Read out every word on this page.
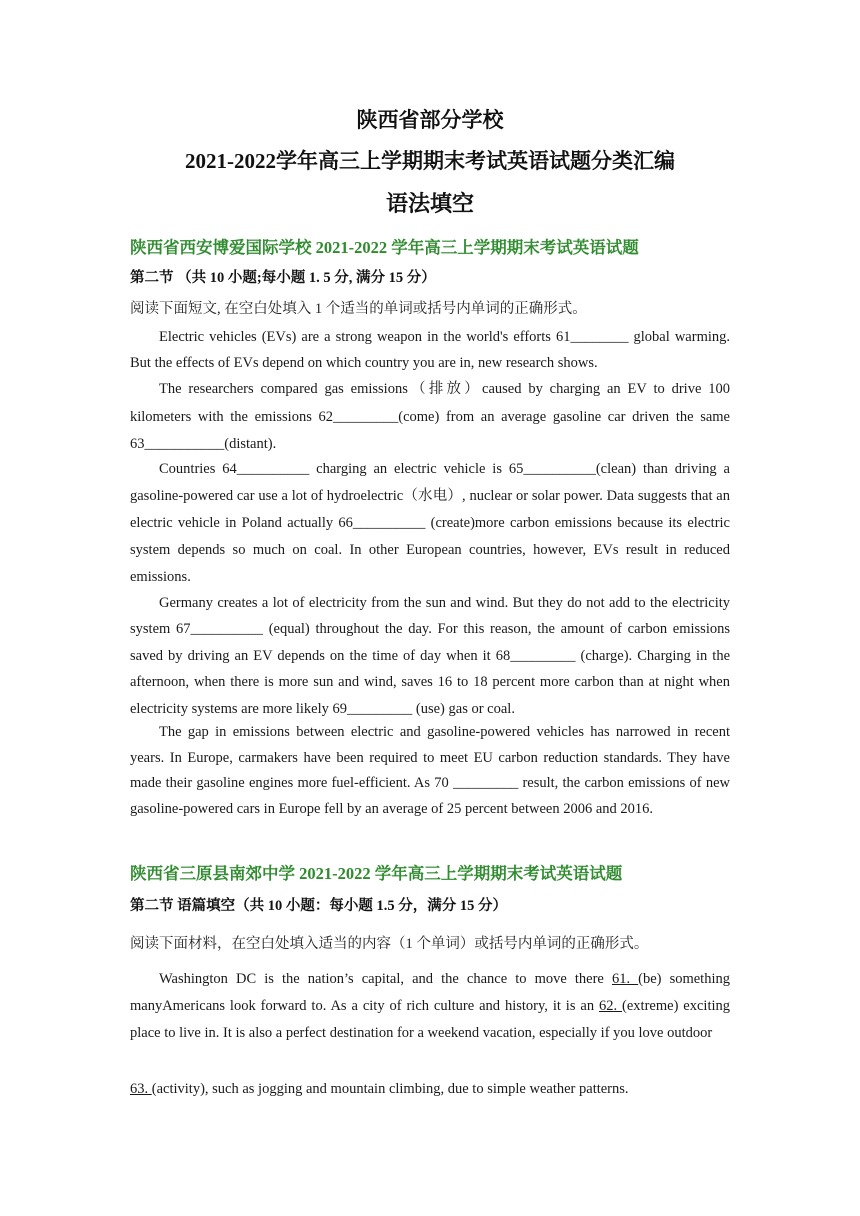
陕西省部分学校
2021-2022学年高三上学期期末考试英语试题分类汇编
语法填空
陕西省西安博爱国际学校 2021-2022 学年高三上学期期末考试英语试题
第二节 （共 10 小题;每小题 1. 5 分, 满分 15 分）
阅读下面短文, 在空白处填入 1 个适当的单词或括号内单词的正确形式。

Electric vehicles (EVs) are a strong weapon in the world's efforts 61________ global warming. But the effects of EVs depend on which country you are in, new research shows.

The researchers compared gas emissions（排放）caused by charging an EV to drive 100 kilometers with the emissions 62_________(come) from an average gasoline car driven the same 63___________(distant).

Countries 64__________ charging an electric vehicle is 65__________(clean) than driving a gasoline-powered car use a lot of hydroelectric（水电）, nuclear or solar power. Data suggests that an electric vehicle in Poland actually 66__________ (create)more carbon emissions because its electric system depends so much on coal. In other European countries, however, EVs result in reduced emissions.

Germany creates a lot of electricity from the sun and wind. But they do not add to the electricity system 67__________ (equal) throughout the day. For this reason, the amount of carbon emissions saved by driving an EV depends on the time of day when it 68_________ (charge). Charging in the afternoon, when there is more sun and wind, saves 16 to 18 percent more carbon than at night when electricity systems are more likely 69_________ (use) gas or coal.

The gap in emissions between electric and gasoline-powered vehicles has narrowed in recent years. In Europe, carmakers have been required to meet EU carbon reduction standards. They have made their gasoline engines more fuel-efficient. As 70 _________ result, the carbon emissions of new gasoline-powered cars in Europe fell by an average of 25 percent between 2006 and 2016.

陕西省三原县南郊中学 2021-2022 学年高三上学期期末考试英语试题
第二节 语篇填空（共 10 小题：每小题 1.5 分，满分 15 分）
阅读下面材料，在空白处填入适当的内容（1 个单词）或括号内单词的正确形式。

Washington DC is the nation’s capital, and the chance to move there 61. (be) something manyAmericans look forward to. As a city of rich culture and history, it is an 62. (extreme) exciting place to live in. It is also a perfect destination for a weekend vacation, especially if you love outdoor

63. (activity), such as jogging and mountain climbing, due to simple weather patterns.
